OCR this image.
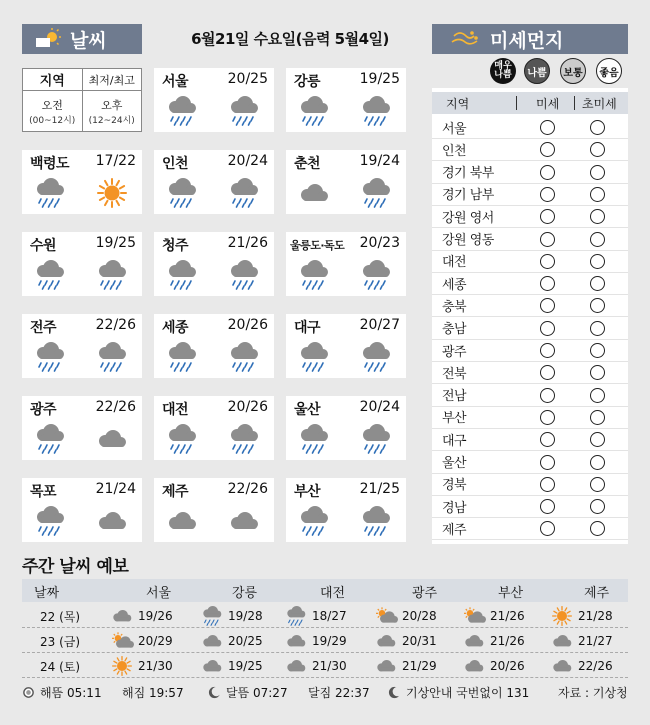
날씨	6월21일 수요일(음력 5월4일)	미세먼지
지역 최저/최고
오전
(00~12시)
오후
(12~24시)
서울	20/25 강릉	19/25
백령도 17/22 인천	20/24 춘천	19/24
수원	19/25 청주	21/26 울릉도·독도 20/23
전주	22/26 세종	20/26 대구	20/27
광주	22/26 대전	20/26 울산	20/24
목포	21/24 제주	22/26 부산	21/25
매우나쁨 나쁨 보통 좋음
지역	미세 초미세
서울
인천
경기 북부
경기 남부
강원 영서
강원 영동
대전
세종
충북
충남
광주
전북
전남
부산
대구
울산
경북
경남
제주
주간 날씨 예보
날짜	서울	강릉	대전	광주	부산	제주
22 (목)	19/26	19/28	18/27	20/28	21/26	21/28
23 (금)	20/29	20/25	19/29	20/31	21/26	21/27
24 (토)	21/30	19/25	21/30	21/29	20/26	22/26
해뜸 05:11 해짐 19:57	달뜸 07:27 달짐 22:37	기상안내 국번없이 131 자료 : 기상청
